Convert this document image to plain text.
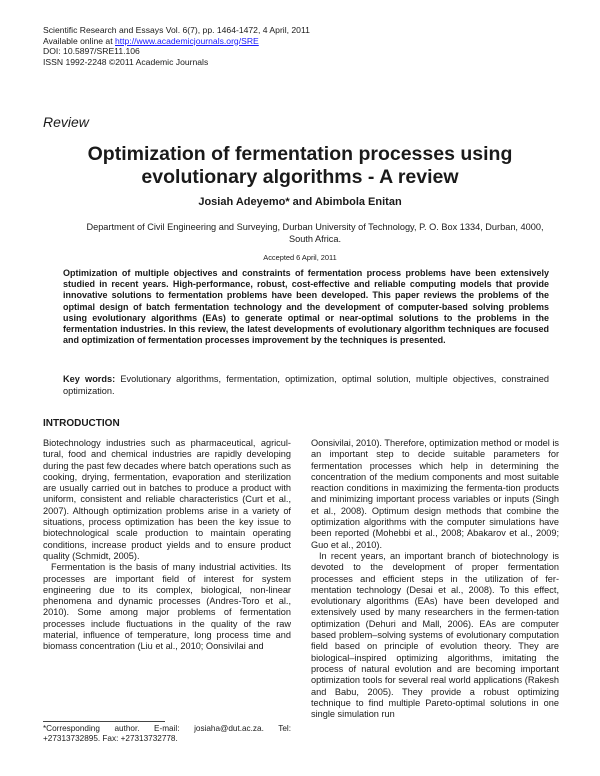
Scientific Research and Essays Vol. 6(7), pp. 1464-1472, 4 April, 2011
Available online at http://www.academicjournals.org/SRE
DOI: 10.5897/SRE11.106
ISSN 1992-2248 ©2011 Academic Journals
Review
Optimization of fermentation processes using evolutionary algorithms - A review
Josiah Adeyemo* and Abimbola Enitan
Department of Civil Engineering and Surveying, Durban University of Technology, P. O. Box 1334, Durban, 4000, South Africa.
Accepted 6 April, 2011
Optimization of multiple objectives and constraints of fermentation process problems have been extensively studied in recent years. High-performance, robust, cost-effective and reliable computing models that provide innovative solutions to fermentation problems have been developed. This paper reviews the problems of the optimal design of batch fermentation technology and the development of computer-based solving problems using evolutionary algorithms (EAs) to generate optimal or near-optimal solutions to the problems in the fermentation industries. In this review, the latest developments of evolutionary algorithm techniques are focused and optimization of fermentation processes improvement by the techniques is presented.
Key words: Evolutionary algorithms, fermentation, optimization, optimal solution, multiple objectives, constrained optimization.
INTRODUCTION

Biotechnology industries such as pharmaceutical, agricul-tural, food and chemical industries are rapidly developing during the past few decades where batch operations such as cooking, drying, fermentation, evaporation and sterilization are usually carried out in batches to produce a product with uniform, consistent and reliable characteristics (Curt et al., 2007). Although optimization problems arise in a variety of situations, process optimization has been the key issue to biotechnological scale production to maintain operating conditions, increase product yields and to ensure product quality (Schmidt, 2005).

Fermentation is the basis of many industrial activities. Its processes are important field of interest for system engineering due to its complex, biological, non-linear phenomena and dynamic processes (Andres-Toro et al., 2010). Some among major problems of fermentation processes include fluctuations in the quality of the raw material, influence of temperature, long process time and biomass concentration (Liu et al., 2010; Oonsivilai and

Oonsivilai, 2010). Therefore, optimization method or model is an important step to decide suitable parameters for fermentation processes which help in determining the concentration of the medium components and most suitable reaction conditions in maximizing the fermenta-tion products and minimizing important process variables or inputs (Singh et al., 2008). Optimum design methods that combine the optimization algorithms with the computer simulations have been reported (Mohebbi et al., 2008; Abakarov et al., 2009; Guo et al., 2010).

In recent years, an important branch of biotechnology is devoted to the development of proper fermentation processes and efficient steps in the utilization of fer-mentation technology (Desai et al., 2008). To this effect, evolutionary algorithms (EAs) have been developed and extensively used by many researchers in the fermen-tation optimization (Dehuri and Mall, 2006). EAs are computer based problem–solving systems of evolutionary computation field based on principle of evolution theory. They are biological–inspired optimizing algorithms, imitating the process of natural evolution and are becoming important optimization tools for several real world applications (Rakesh and Babu, 2005). They provide a robust optimizing technique to find multiple Pareto-optimal solutions in one single simulation run

*Corresponding author. E-mail: josiaha@dut.ac.za. Tel: +27313732895. Fax: +27313732778.
